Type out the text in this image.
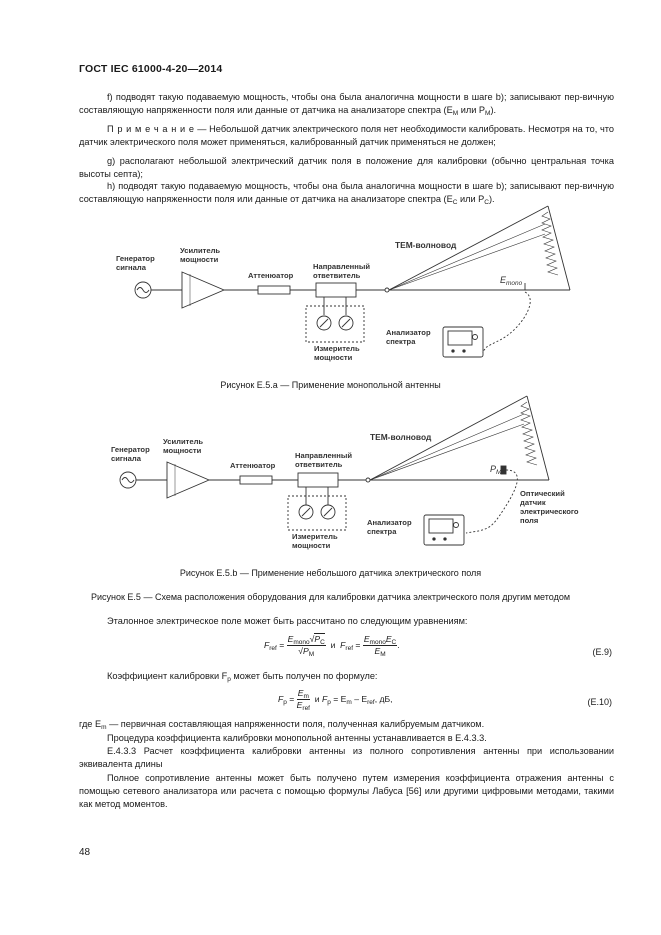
ГОСТ IEC 61000-4-20—2014
f) подводят такую подаваемую мощность, чтобы она была аналогична мощности в шаге b); записывают пер-вичную составляющую напряженности поля или данные от датчика на анализаторе спектра ($E_M$ или $P_M$).
П р и м е ч а н и е — Небольшой датчик электрического поля нет необходимости калибровать. Несмотря на то, что датчик электрического поля может применяться, калиброванный датчик применяться не должен;
g) располагают небольшой электрический датчик поля в положение для калибровки (обычно центральная точка высоты септа);
h) подводят такую подаваемую мощность, чтобы она была аналогична мощности в шаге b); записывают пер-вичную составляющую напряженности поля или данные от датчика на анализаторе спектра ($E_C$ или $P_C$).
Генератор сигнала
Усилитель мощности
Аттенюатор
Направленный ответвитель
Измеритель мощности
ТЕМ-волновод
$E_{mono}$
Анализатор спектра
Рисунок Е.5.а — Применение монопольной антенны
Генератор сигнала
Усилитель мощности
Аттенюатор
Направленный ответвитель
Измеритель мощности
ТЕМ-волновод
$P_M$
Оптический датчик электрического поля
Анализатор спектра
Рисунок Е.5.b — Применение небольшого датчика электрического поля
Рисунок Е.5 — Схема расположения оборудования для калибровки датчика электрического поля другим методом
Эталонное электрическое поле может быть рассчитано по следующим уравнениям:
$F_{ref} = \frac{E_{mono}√P_C}{√P_M}$ и $F_{ref} = \frac{E_{mono}E_C}{E_M}$ .
(Е.9)
Коэффициент калибровки $F_p$ может быть получен по формуле:
$F_p = \frac{E_m}{E_{ref}}$ и $F_p = E_m - E_{ref}$, дБ,	(Е.10)
где $E_m$ — первичная составляющая напряженности поля, полученная калибруемым датчиком.
Процедура коэффициента калибровки монопольной антенны устанавливается в Е.4.3.3.
Е.4.3.3 Расчет коэффициента калибровки антенны из полного сопротивления антенны при использовании эквивалента длины
Полное сопротивление антенны может быть получено путем измерения коэффициента отражения антенны с помощью сетевого анализатора или расчета с помощью формулы Лабуса [56] или другими цифровыми методами, такими как метод моментов.
48
